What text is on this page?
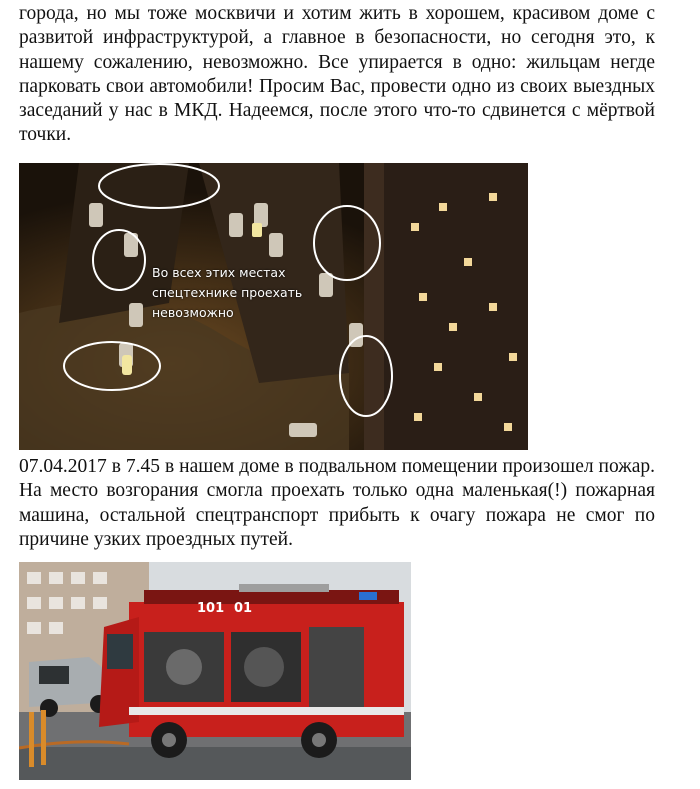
города, но мы тоже москвичи и хотим жить в хорошем, красивом доме с развитой инфраструктурой, а главное в безопасности, но сегодня это, к нашему сожалению, невозможно. Все упирается в одно: жильцам негде парковать свои автомобили! Просим Вас, провести одно из своих выездных заседаний у нас в МКД. Надеемся, после этого что-то сдвинется с мёртвой точки.
Во всех этих местах
спецтехнике проехать
невозможно
07.04.2017 в 7.45 в нашем доме в подвальном помещении произошел пожар. На место возгорания смогла проехать только одна маленькая(!) пожарная машина, остальной спецтранспорт прибыть к очагу пожара не смог по причине узких проездных путей.
101 01
